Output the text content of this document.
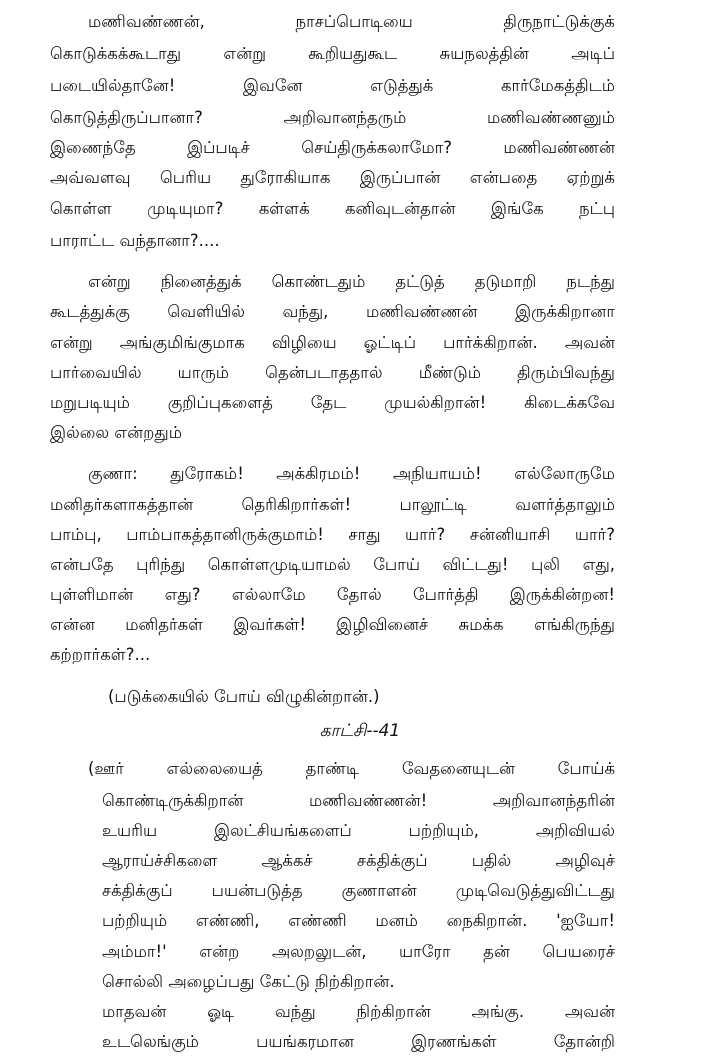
மணிவண்ணன், நாசப்பொடியை திருநாட்டுக்குக்
கொடுக்கக்கூடாது என்று கூறியதுகூட சுயநலத்தின் அடிப்
படையில்தானே! இவனே எடுத்துக் கார்மேகத்திடம்
கொடுத்திருப்பானா? அறிவானந்தரும் மணிவண்ணனும்
இணைந்தே இப்படிச் செய்திருக்கலாமோ? மணிவண்ணன்
அவ்வளவு பெரிய துரோகியாக இருப்பான் என்பதை ஏற்றுக்
கொள்ள முடியுமா? கள்ளக் கனிவுடன்தான் இங்கே நட்பு
பாராட்ட வந்தானா?....
என்று நினைத்துக் கொண்டதும் தட்டுத் தடுமாறி நடந்து
கூடத்துக்கு வெளியில் வந்து, மணிவண்ணன் இருக்கிறானா
என்று அங்குமிங்குமாக விழியை ஓட்டிப் பார்க்கிறான். அவன்
பார்வையில் யாரும் தென்படாததால் மீண்டும் திரும்பிவந்து
மறுபடியும் குறிப்புகளைத் தேட முயல்கிறான்! கிடைக்கவே
இல்லை என்றதும்
குணா: துரோகம்! அக்கிரமம்! அநியாயம்! எல்லோருமே
மனிதர்களாகத்தான் தெரிகிறார்கள்! பாலூட்டி வளர்த்தாலும்
பாம்பு, பாம்பாகத்தானிருக்குமாம்! சாது யார்? சன்னியாசி யார்?
என்பதே புரிந்து கொள்ளமுடியாமல் போய் விட்டது! புலி எது,
புள்ளிமான் எது? எல்லாமே தோல் போர்த்தி இருக்கின்றன!
என்ன மனிதர்கள் இவர்கள்! இழிவினைச் சுமக்க எங்கிருந்து
கற்றார்கள்?...
(படுக்கையில் போய் விழுகின்றான்.)
காட்சி--41
(ஊர் எல்லையைத் தாண்டி வேதனையுடன் போய்க்
கொண்டிருக்கிறான் மணிவண்ணன்! அறிவானந்தரின்
உயரிய இலட்சியங்களைப் பற்றியும், அறிவியல்
ஆராய்ச்சிகளை ஆக்கச் சக்திக்குப் பதில் அழிவுச்
சக்திக்குப் பயன்படுத்த குணாளன் முடிவெடுத்துவிட்டது
பற்றியும் எண்ணி, எண்ணி மனம் நைகிறான். 'ஐயோ!
அம்மா!' என்ற அலறலுடன், யாரோ தன் பெயரைச்
சொல்லி அழைப்பது கேட்டு நிற்கிறான்.
மாதவன் ஓடி வந்து நிற்கிறான் அங்கு. அவன்
உடலெங்கும் பயங்கரமான இரணங்கள் தோன்றி
